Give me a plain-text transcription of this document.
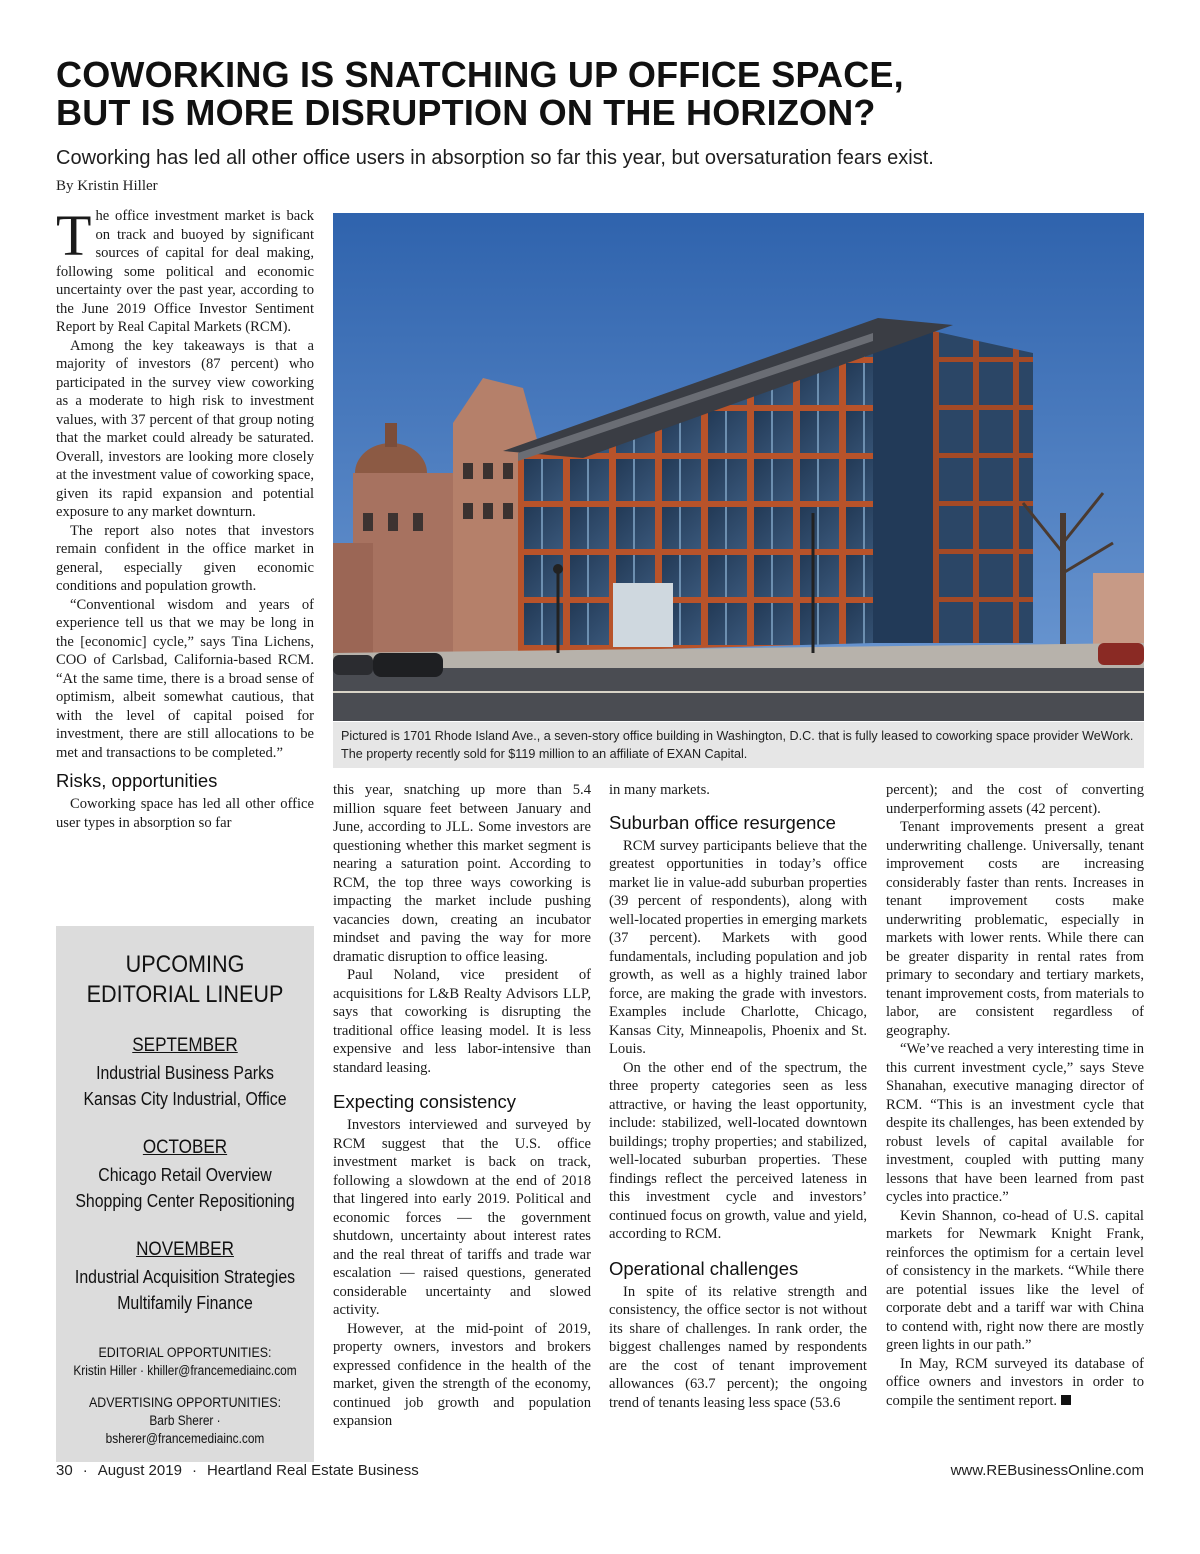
COWORKING IS SNATCHING UP OFFICE SPACE,
BUT IS MORE DISRUPTION ON THE HORIZON?
Coworking has led all other office users in absorption so far this year, but oversaturation fears exist.
By Kristin Hiller

The office investment market is back on track and buoyed by significant sources of capital for deal making, following some political and economic uncertainty over the past year, according to the June 2019 Office Investor Sentiment Report by Real Capital Markets (RCM).

Among the key takeaways is that a majority of investors (87 percent) who participated in the survey view coworking as a moderate to high risk to investment values, with 37 percent of that group noting that the market could already be saturated. Overall, investors are looking more closely at the investment value of coworking space, given its rapid expansion and potential exposure to any market downturn.

The report also notes that investors remain confident in the office market in general, especially given economic conditions and population growth.

“Conventional wisdom and years of experience tell us that we may be long in the [economic] cycle,” says Tina Lichens, COO of Carlsbad, California-based RCM. “At the same time, there is a broad sense of optimism, albeit somewhat cautious, that with the level of capital poised for investment, there are still allocations to be met and transactions to be completed.”

Risks, opportunities

Coworking space has led all other office user types in absorption so far

Pictured is 1701 Rhode Island Ave., a seven-story office building in Washington, D.C. that is fully leased to coworking space provider WeWork. The property recently sold for $119 million to an affiliate of EXAN Capital.

this year, snatching up more than 5.4 million square feet between January and June, according to JLL. Some investors are questioning whether this market segment is nearing a saturation point. According to RCM, the top three ways coworking is impacting the market include pushing vacancies down, creating an incubator mindset and paving the way for more dramatic disruption to office leasing.

Paul Noland, vice president of acquisitions for L&B Realty Advisors LLP, says that coworking is disrupting the traditional office leasing model. It is less expensive and less labor-intensive than standard leasing.

Expecting consistency

Investors interviewed and surveyed by RCM suggest that the U.S. office investment market is back on track, following a slowdown at the end of 2018 that lingered into early 2019. Political and economic forces — the government shutdown, uncertainty about interest rates and the real threat of tariffs and trade war escalation — raised questions, generated considerable uncertainty and slowed activity.

However, at the mid-point of 2019, property owners, investors and brokers expressed confidence in the health of the market, given the strength of the economy, continued job growth and population expansion

in many markets.

Suburban office resurgence

RCM survey participants believe that the greatest opportunities in today’s office market lie in value-add suburban properties (39 percent of respondents), along with well-located properties in emerging markets (37 percent). Markets with good fundamentals, including population and job growth, as well as a highly trained labor force, are making the grade with investors. Examples include Charlotte, Chicago, Kansas City, Minneapolis, Phoenix and St. Louis.

On the other end of the spectrum, the three property categories seen as less attractive, or having the least opportunity, include: stabilized, well-located downtown buildings; trophy properties; and stabilized, well-located suburban properties. These findings reflect the perceived lateness in this investment cycle and investors’ continued focus on growth, value and yield, according to RCM.

Operational challenges

In spite of its relative strength and consistency, the office sector is not without its share of challenges. In rank order, the biggest challenges named by respondents are the cost of tenant improvement allowances (63.7 percent); the ongoing trend of tenants leasing less space (53.6

percent); and the cost of converting underperforming assets (42 percent).

Tenant improvements present a great underwriting challenge. Universally, tenant improvement costs are increasing considerably faster than rents. Increases in tenant improvement costs make underwriting problematic, especially in markets with lower rents. While there can be greater disparity in rental rates from primary to secondary and tertiary markets, tenant improvement costs, from materials to labor, are consistent regardless of geography.

“We’ve reached a very interesting time in this current investment cycle,” says Steve Shanahan, executive managing director of RCM. “This is an investment cycle that despite its challenges, has been extended by robust levels of capital available for investment, coupled with putting many lessons that have been learned from past cycles into practice.”

Kevin Shannon, co-head of U.S. capital markets for Newmark Knight Frank, reinforces the optimism for a certain level of consistency in the markets. “While there are potential issues like the level of corporate debt and a tariff war with China to contend with, right now there are mostly green lights in our path.”

In May, RCM surveyed its database of office owners and investors in order to compile the sentiment report.

UPCOMING EDITORIAL LINEUP
SEPTEMBER
Industrial Business Parks
Kansas City Industrial, Office
OCTOBER
Chicago Retail Overview
Shopping Center Repositioning
NOVEMBER
Industrial Acquisition Strategies
Multifamily Finance
EDITORIAL OPPORTUNITIES:
Kristin Hiller · khiller@francemediainc.com
ADVERTISING OPPORTUNITIES:
Barb Sherer · bsherer@francemediainc.com
30 · August 2019 · Heartland Real Estate Business	www.REBusinessOnline.com
